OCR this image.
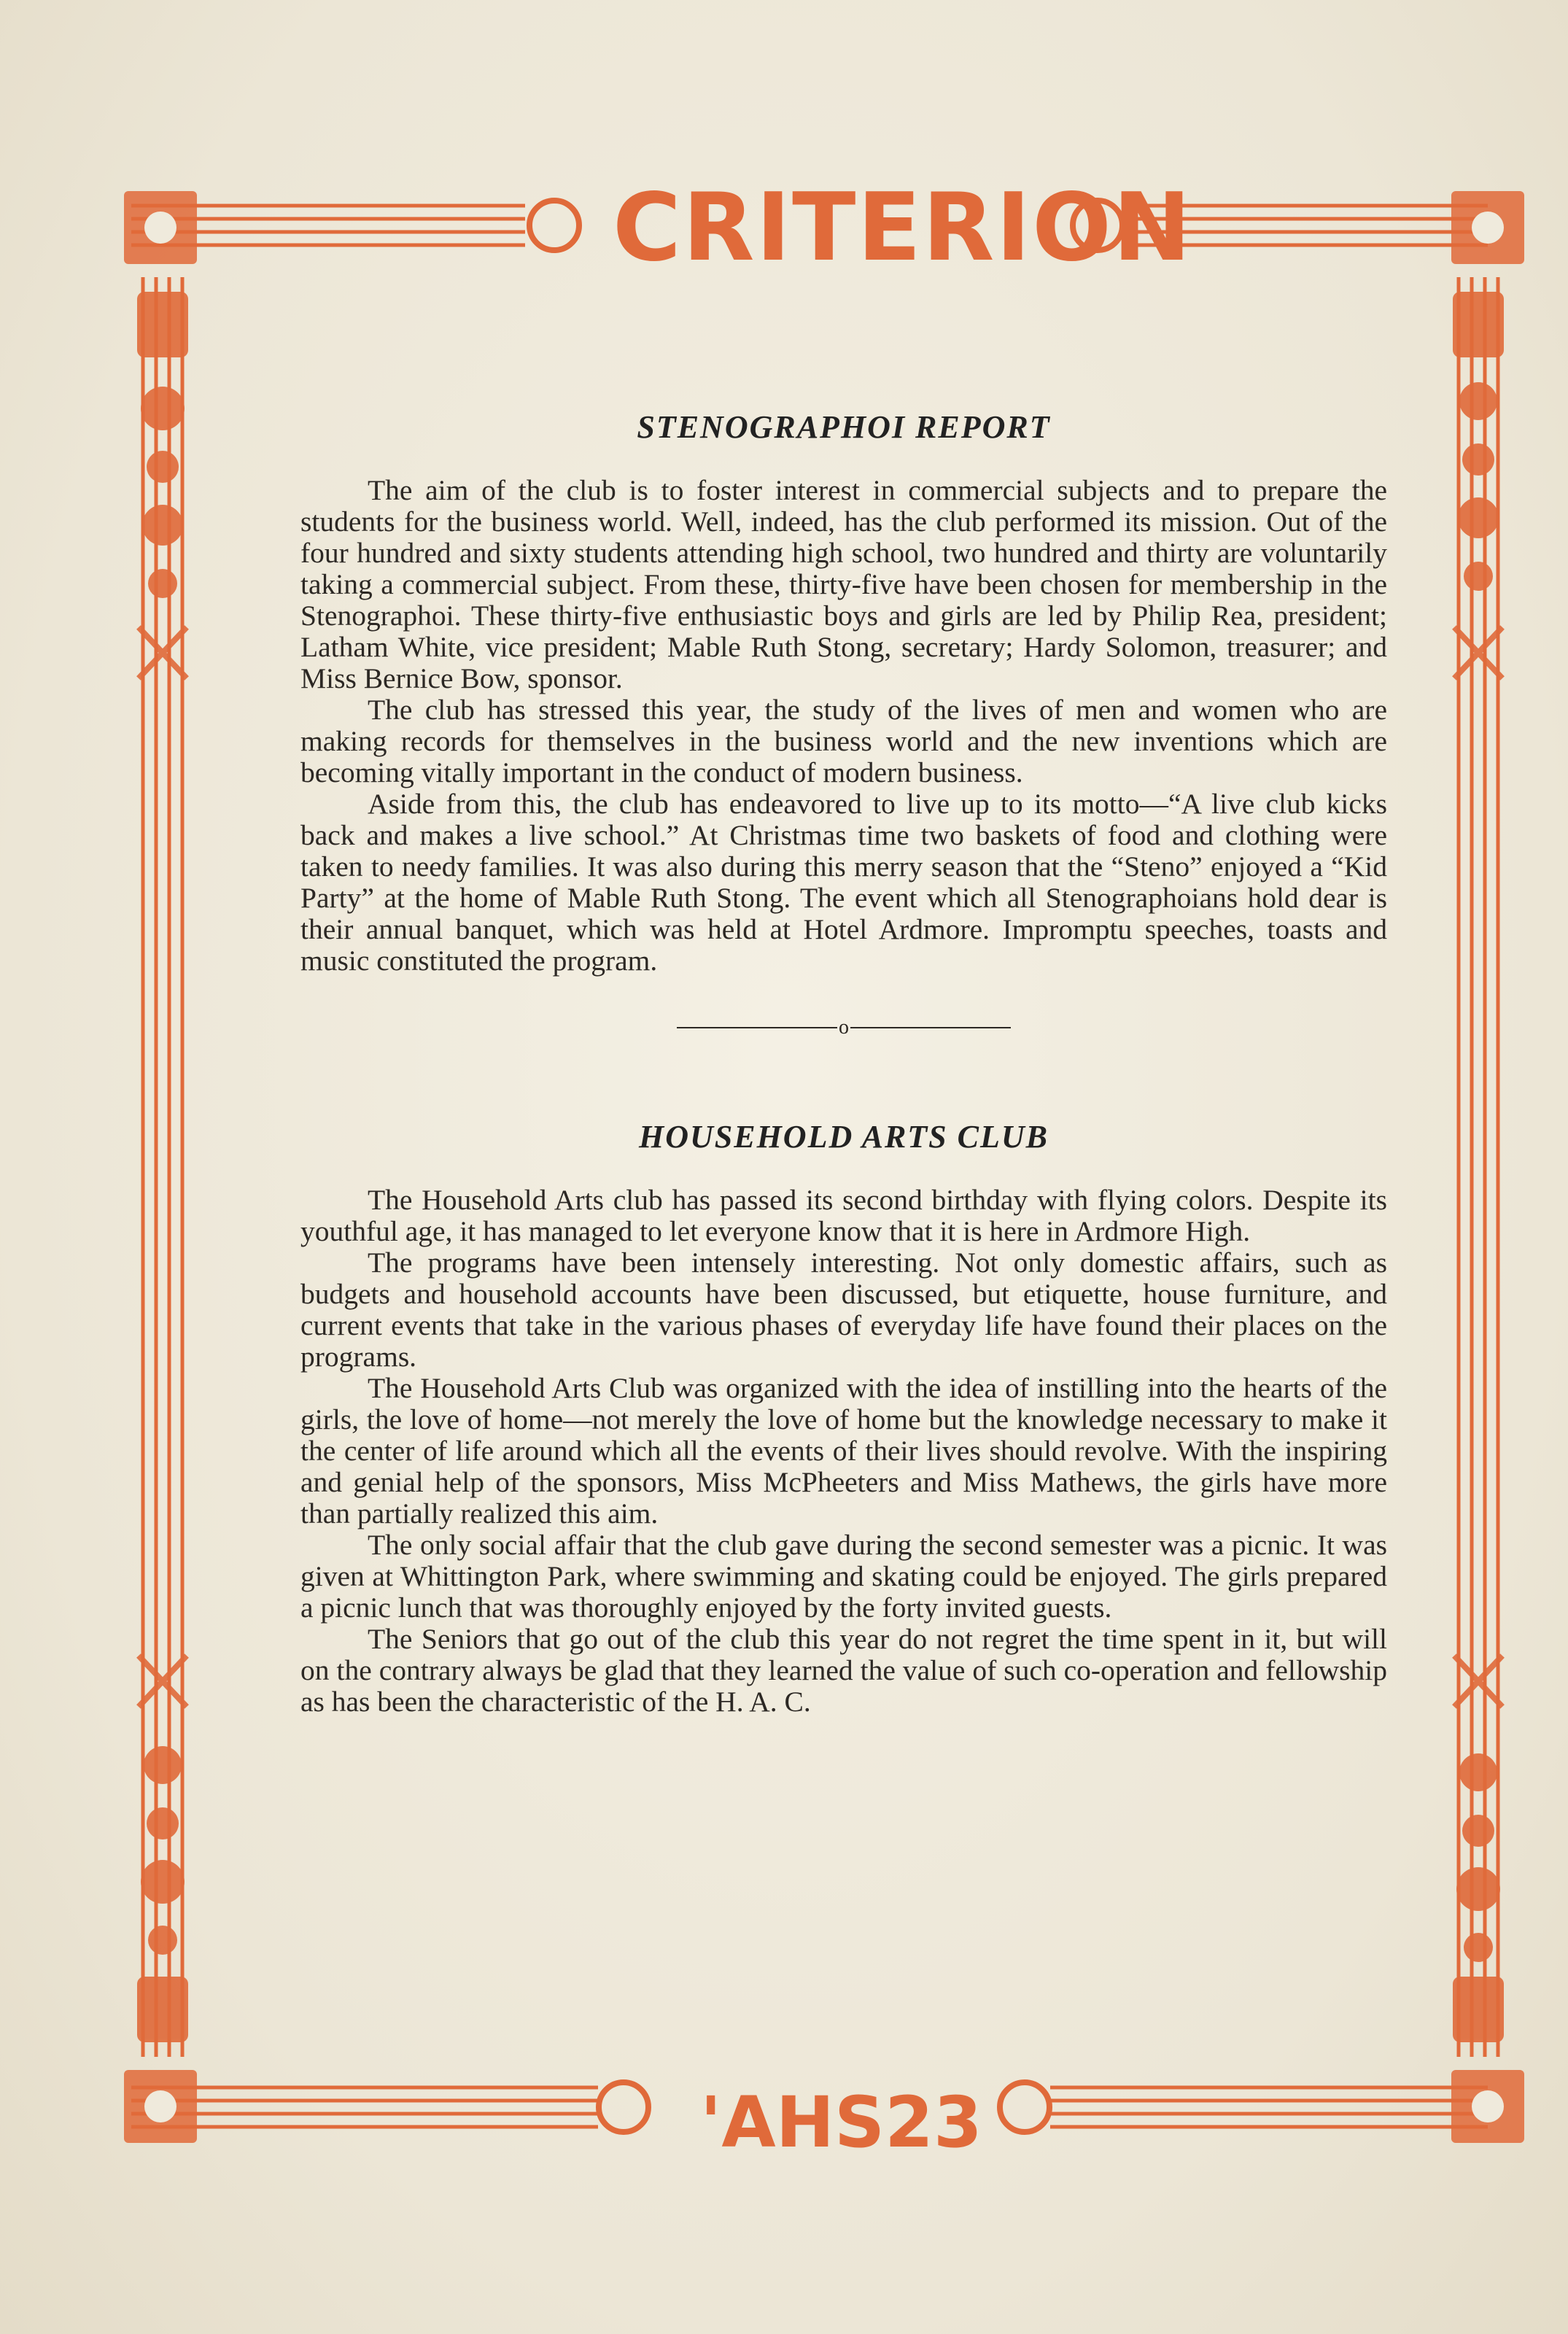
CRITERION
STENOGRAPHOI REPORT

The aim of the club is to foster interest in commercial subjects and to prepare the students for the business world. Well, indeed, has the club performed its mission. Out of the four hundred and sixty students attending high school, two hundred and thirty are voluntarily taking a commercial subject. From these, thirty-five have been chosen for membership in the Stenographoi. These thirty-five enthusiastic boys and girls are led by Philip Rea, president; Latham White, vice president; Mable Ruth Stong, secretary; Hardy Solomon, treasurer; and Miss Bernice Bow, sponsor.

The club has stressed this year, the study of the lives of men and women who are making records for themselves in the business world and the new inventions which are becoming vitally important in the conduct of modern business.

Aside from this, the club has endeavored to live up to its motto—“A live club kicks back and makes a live school.” At Christmas time two baskets of food and clothing were taken to needy families. It was also during this merry season that the “Steno” enjoyed a “Kid Party” at the home of Mable Ruth Stong. The event which all Stenographoians hold dear is their annual banquet, which was held at Hotel Ardmore. Impromptu speeches, toasts and music constituted the program.

o
HOUSEHOLD ARTS CLUB

The Household Arts club has passed its second birthday with flying colors. Despite its youthful age, it has managed to let everyone know that it is here in Ardmore High.

The programs have been intensely interesting. Not only domestic affairs, such as budgets and household accounts have been discussed, but etiquette, house furniture, and current events that take in the various phases of everyday life have found their places on the programs.

The Household Arts Club was organized with the idea of instilling into the hearts of the girls, the love of home—not merely the love of home but the knowledge necessary to make it the center of life around which all the events of their lives should revolve. With the inspiring and genial help of the sponsors, Miss McPheeters and Miss Mathews, the girls have more than partially realized this aim.

The only social affair that the club gave during the second semester was a picnic. It was given at Whittington Park, where swimming and skating could be enjoyed. The girls prepared a picnic lunch that was thoroughly enjoyed by the forty invited guests.

The Seniors that go out of the club this year do not regret the time spent in it, but will on the contrary always be glad that they learned the value of such co-operation and fellowship as has been the characteristic of the H. A. C.

'AHS23
